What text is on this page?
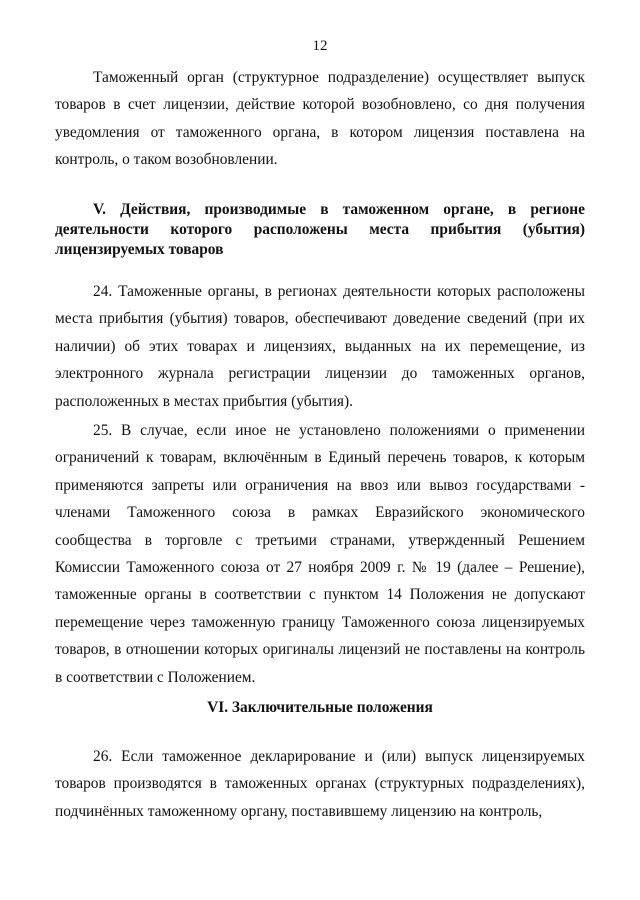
12

Таможенный орган (структурное подразделение) осуществляет выпуск товаров в счет лицензии, действие которой возобновлено, со дня получения уведомления от таможенного органа, в котором лицензия поставлена на контроль, о таком возобновлении.

V. Действия, производимые в таможенном органе, в регионе деятельности которого расположены места прибытия (убытия) лицензируемых товаров

24. Таможенные органы, в регионах деятельности которых расположены места прибытия (убытия) товаров, обеспечивают доведение сведений (при их наличии) об этих товарах и лицензиях, выданных на их перемещение, из электронного журнала регистрации лицензии до таможенных органов, расположенных в местах прибытия (убытия).

25. В случае, если иное не установлено положениями о применении ограничений к товарам, включённым в Единый перечень товаров, к которым применяются запреты или ограничения на ввоз или вывоз государствами - членами Таможенного союза в рамках Евразийского экономического сообщества в торговле с третьими странами, утвержденный Решением Комиссии Таможенного союза от 27 ноября 2009 г. № 19 (далее – Решение), таможенные органы в соответствии с пунктом 14 Положения не допускают перемещение через таможенную границу Таможенного союза лицензируемых товаров, в отношении которых оригиналы лицензий не поставлены на контроль в соответствии с Положением.

VI. Заключительные положения

26. Если таможенное декларирование и (или) выпуск лицензируемых товаров производятся в таможенных органах (структурных подразделениях), подчинённых таможенному органу, поставившему лицензию на контроль,
